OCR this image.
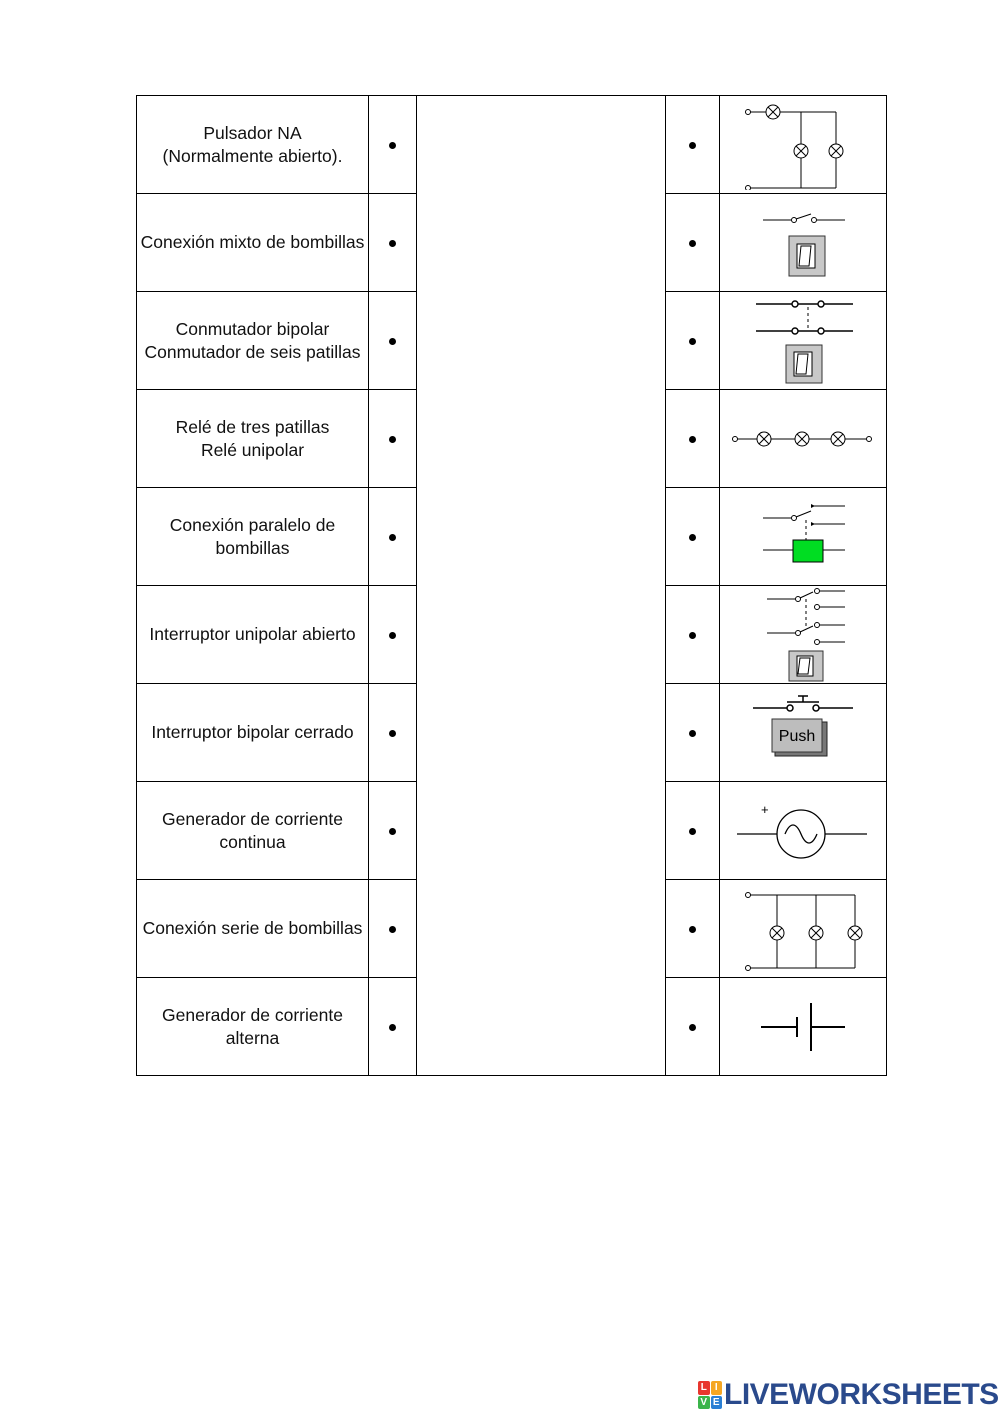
Pulsador NA
(Normalmente abierto).				

Conexión mixto de bombillas			

Conmutador bipolar
Conmutador de seis patillas			

Relé de tres patillas
Relé unipolar			

Conexión paralelo de
bombillas			

Interruptor unipolar abierto			

Interruptor bipolar cerrado				Push

Generador de corriente
continua				+

Conexión serie de bombillas			

Generador de corriente
alterna			
L I
V E LIVEWORKSHEETS
